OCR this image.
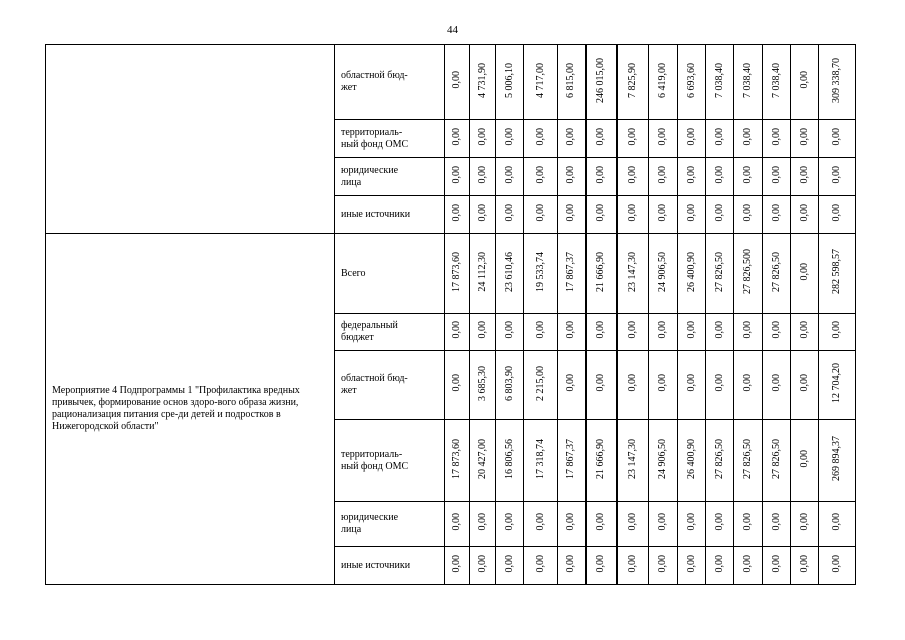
44

	областной бюд-
жет	0,00	4 731,90	5 006,10	4 717,00	6 815,00	246 015,00	7 825,90	6 419,00	6 693,60	7 038,40	7 038,40	7 038,40	0,00	309 338,70

	территориаль-
ный фонд ОМС	0,00	0,00	0,00	0,00	0,00	0,00	0,00	0,00	0,00	0,00	0,00	0,00	0,00	0,00

	юридические
лица	0,00	0,00	0,00	0,00	0,00	0,00	0,00	0,00	0,00	0,00	0,00	0,00	0,00	0,00

	иные источники	0,00	0,00	0,00	0,00	0,00	0,00	0,00	0,00	0,00	0,00	0,00	0,00	0,00	0,00
Мероприятие 4 Подпрограммы 1 "Профилактика вредных привычек, формирование основ здоро-вого образа жизни, рационализация питания сре-ди детей и подростков в Нижегородской области"	Всего	17 873,60	24 112,30	23 610,46	19 533,74	17 867,37	21 666,90	23 147,30	24 906,50	26 400,90	27 826,50	27 826,500	27 826,50	0,00	282 598,57

	федеральный
бюджет	0,00	0,00	0,00	0,00	0,00	0,00	0,00	0,00	0,00	0,00	0,00	0,00	0,00	0,00

	областной бюд-
жет	0,00	3 685,30	6 803,90	2 215,00	0,00	0,00	0,00	0,00	0,00	0,00	0,00	0,00	0,00	12 704,20

	территориаль-
ный фонд ОМС	17 873,60	20 427,00	16 806,56	17 318,74	17 867,37	21 666,90	23 147,30	24 906,50	26 400,90	27 826,50	27 826,50	27 826,50	0,00	269 894,37

	юридические
лица	0,00	0,00	0,00	0,00	0,00	0,00	0,00	0,00	0,00	0,00	0,00	0,00	0,00	0,00

	иные источники	0,00	0,00	0,00	0,00	0,00	0,00	0,00	0,00	0,00	0,00	0,00	0,00	0,00	0,00
